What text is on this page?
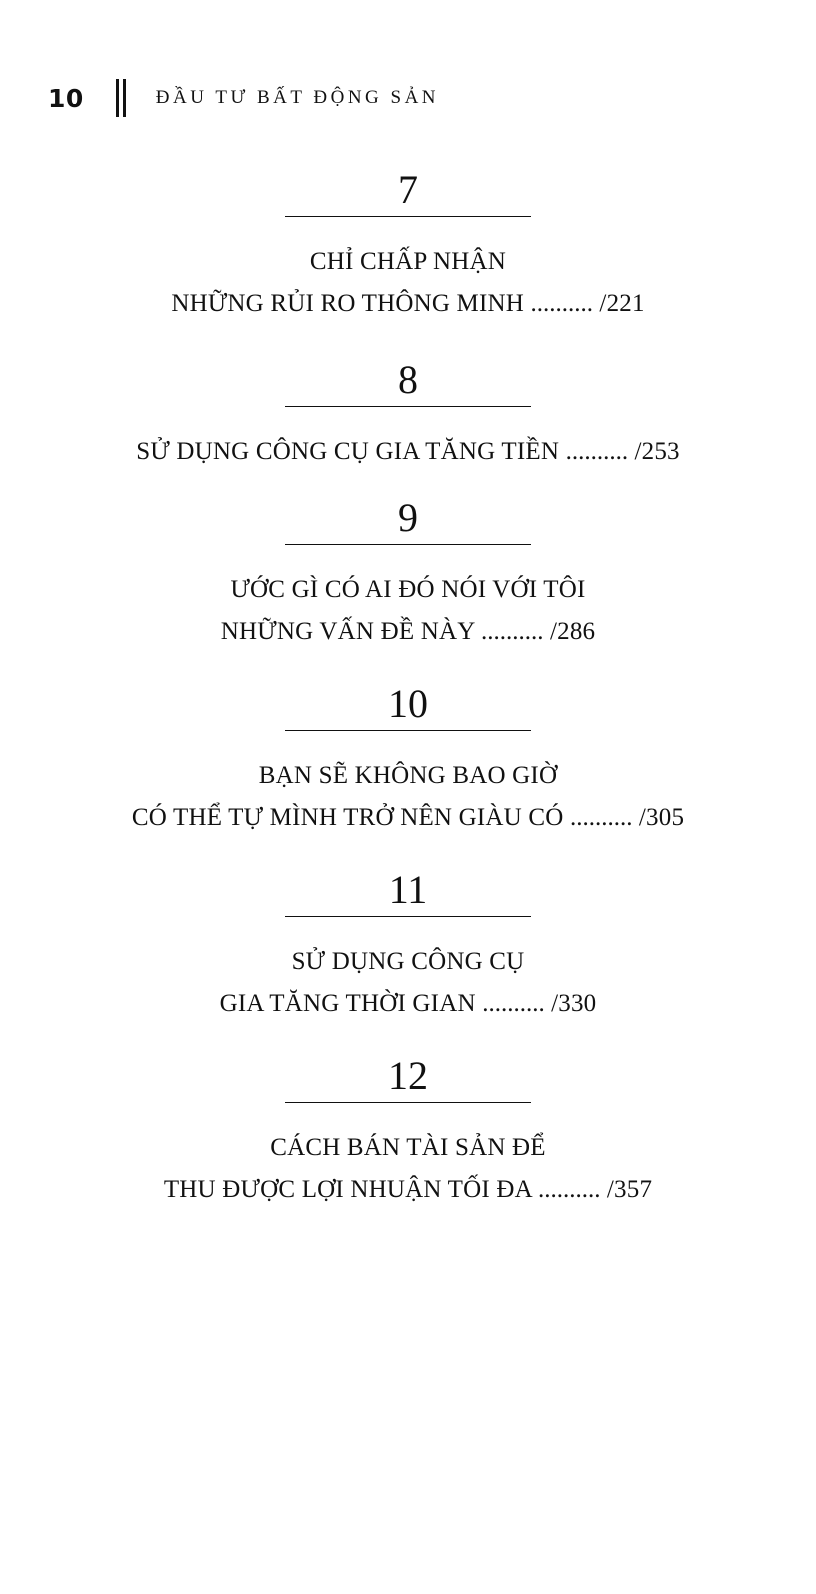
10	ĐẦU TƯ BẤT ĐỘNG SẢN
7
CHỈ CHẤP NHẬN
NHỮNG RỦI RO THÔNG MINH .......... /221
8
SỬ DỤNG CÔNG CỤ GIA TĂNG TIỀN .......... /253
9
ƯỚC GÌ CÓ AI ĐÓ NÓI VỚI TÔI
NHỮNG VẤN ĐỀ NÀY .......... /286
10
BẠN SẼ KHÔNG BAO GIỜ
CÓ THỂ TỰ MÌNH TRỞ NÊN GIÀU CÓ .......... /305
11
SỬ DỤNG CÔNG CỤ
GIA TĂNG THỜI GIAN .......... /330
12
CÁCH BÁN TÀI SẢN ĐỂ
THU ĐƯỢC LỢI NHUẬN TỐI ĐA .......... /357
